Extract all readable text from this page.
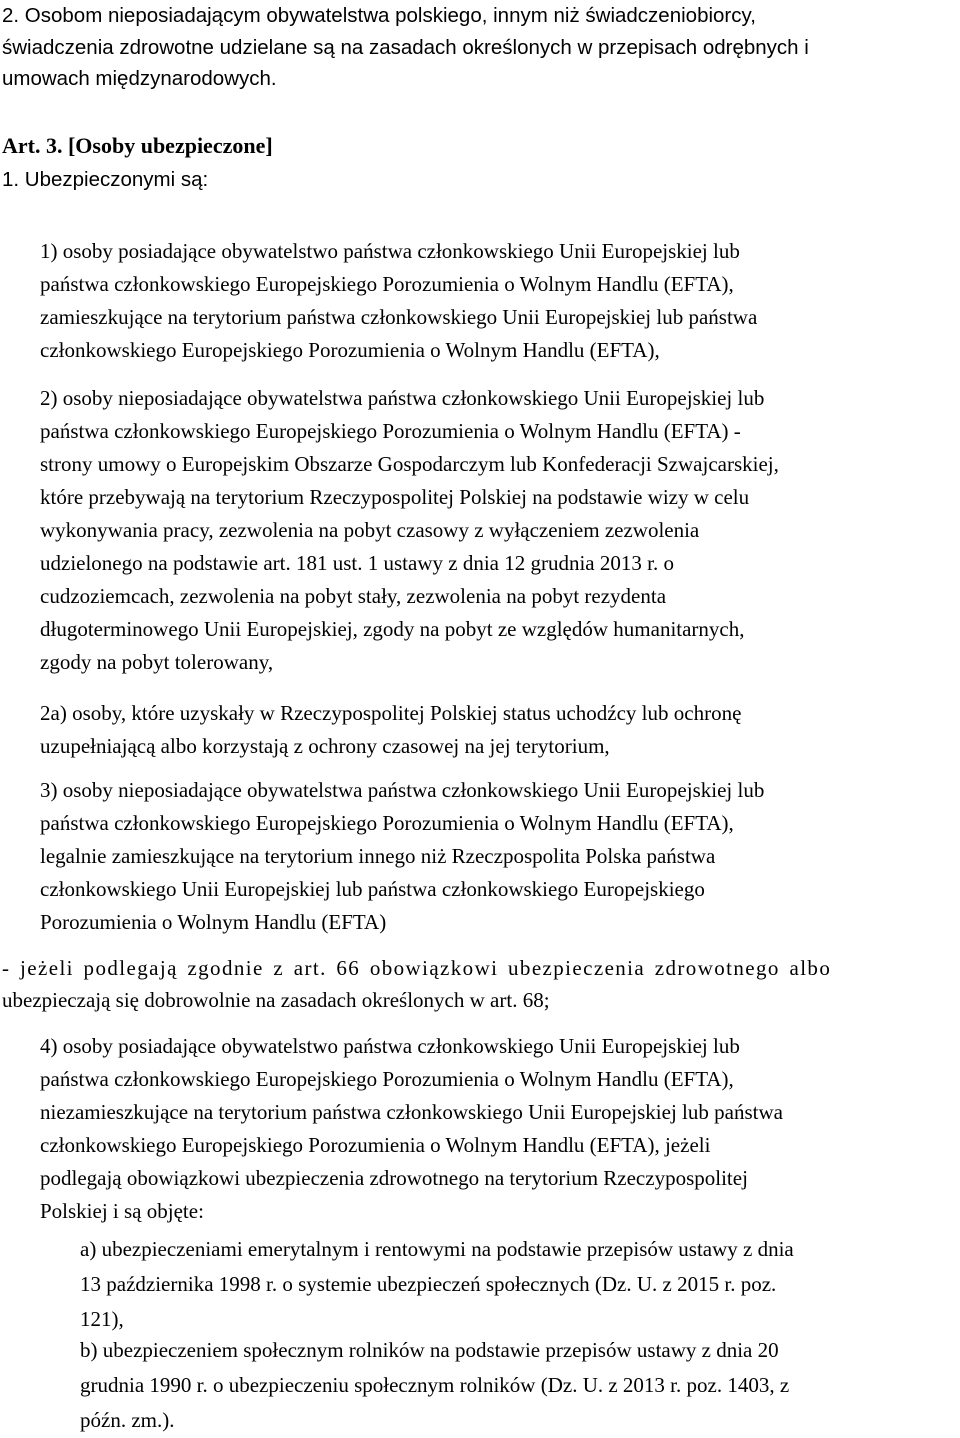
2. Osobom nieposiadającym obywatelstwa polskiego, innym niż świadczeniobiorcy,
świadczenia zdrowotne udzielane są na zasadach określonych w przepisach odrębnych i
umowach międzynarodowych.

Art. 3. [Osoby ubezpieczone]

1. Ubezpieczonymi są:

1) osoby posiadające obywatelstwo państwa członkowskiego Unii Europejskiej lub
państwa członkowskiego Europejskiego Porozumienia o Wolnym Handlu (EFTA),
zamieszkujące na terytorium państwa członkowskiego Unii Europejskiej lub państwa
członkowskiego Europejskiego Porozumienia o Wolnym Handlu (EFTA),

2) osoby nieposiadające obywatelstwa państwa członkowskiego Unii Europejskiej lub
państwa członkowskiego Europejskiego Porozumienia o Wolnym Handlu (EFTA) -
strony umowy o Europejskim Obszarze Gospodarczym lub Konfederacji Szwajcarskiej,
które przebywają na terytorium Rzeczypospolitej Polskiej na podstawie wizy w celu
wykonywania pracy, zezwolenia na pobyt czasowy z wyłączeniem zezwolenia
udzielonego na podstawie art. 181 ust. 1 ustawy z dnia 12 grudnia 2013 r. o
cudzoziemcach, zezwolenia na pobyt stały, zezwolenia na pobyt rezydenta
długoterminowego Unii Europejskiej, zgody na pobyt ze względów humanitarnych,
zgody na pobyt tolerowany,

2a) osoby, które uzyskały w Rzeczypospolitej Polskiej status uchodźcy lub ochronę
uzupełniającą albo korzystają z ochrony czasowej na jej terytorium,

3) osoby nieposiadające obywatelstwa państwa członkowskiego Unii Europejskiej lub
państwa członkowskiego Europejskiego Porozumienia o Wolnym Handlu (EFTA),
legalnie zamieszkujące na terytorium innego niż Rzeczpospolita Polska państwa
członkowskiego Unii Europejskiej lub państwa członkowskiego Europejskiego
Porozumienia o Wolnym Handlu (EFTA)

- jeżeli podlegają zgodnie z art. 66 obowiązkowi ubezpieczenia zdrowotnego albo
ubezpieczają się dobrowolnie na zasadach określonych w art. 68;

4) osoby posiadające obywatelstwo państwa członkowskiego Unii Europejskiej lub
państwa członkowskiego Europejskiego Porozumienia o Wolnym Handlu (EFTA),
niezamieszkujące na terytorium państwa członkowskiego Unii Europejskiej lub państwa
członkowskiego Europejskiego Porozumienia o Wolnym Handlu (EFTA), jeżeli
podlegają obowiązkowi ubezpieczenia zdrowotnego na terytorium Rzeczypospolitej
Polskiej i są objęte:

a) ubezpieczeniami emerytalnym i rentowymi na podstawie przepisów ustawy z dnia
13 października 1998 r. o systemie ubezpieczeń społecznych (Dz. U. z 2015 r. poz.
121),

b) ubezpieczeniem społecznym rolników na podstawie przepisów ustawy z dnia 20
grudnia 1990 r. o ubezpieczeniu społecznym rolników (Dz. U. z 2013 r. poz. 1403, z
późn. zm.).
